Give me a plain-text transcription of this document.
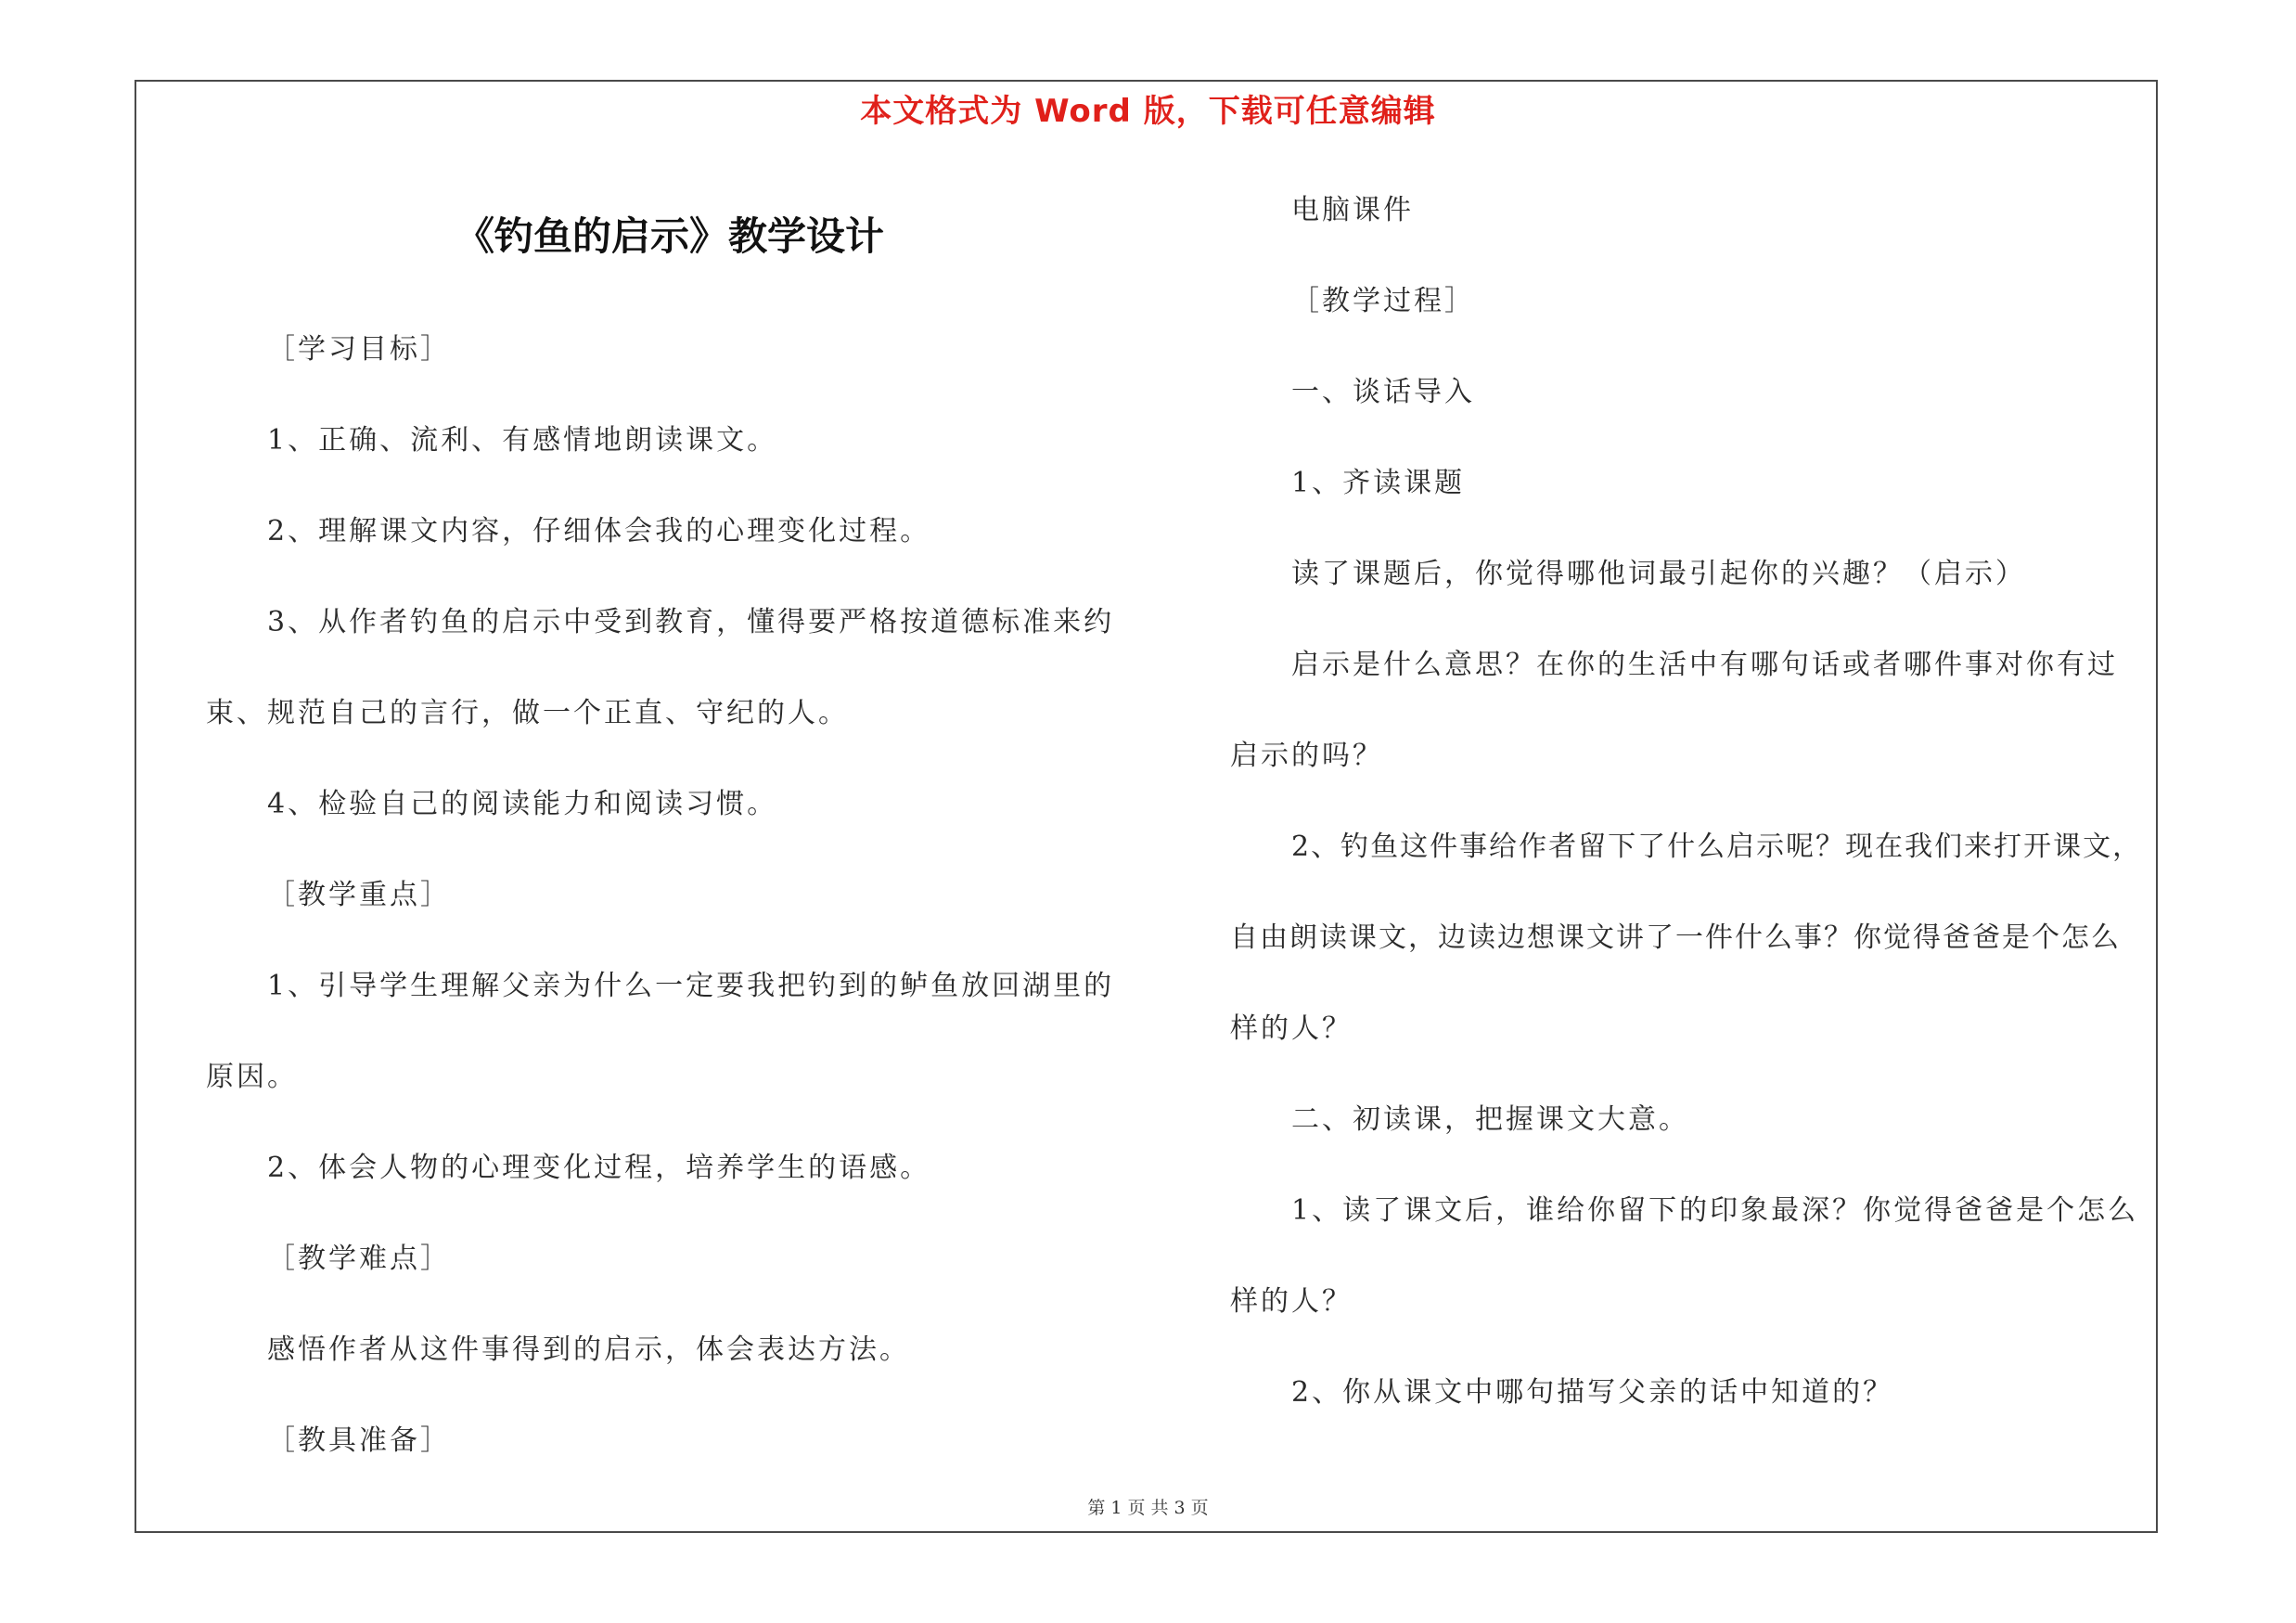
本文格式为 Word 版，下载可任意编辑
《钓鱼的启示》教学设计
［学习目标］
1、正确、流利、有感情地朗读课文。
2、理解课文内容，仔细体会我的心理变化过程。
3、从作者钓鱼的启示中受到教育，懂得要严格按道德标准来约
束、规范自己的言行，做一个正直、守纪的人。
4、检验自己的阅读能力和阅读习惯。
［教学重点］
1、引导学生理解父亲为什么一定要我把钓到的鲈鱼放回湖里的
原因。
2、体会人物的心理变化过程，培养学生的语感。
［教学难点］
感悟作者从这件事得到的启示，体会表达方法。
［教具准备］
电脑课件
［教学过程］
一、谈话导入
1、齐读课题
读了课题后，你觉得哪他词最引起你的兴趣？（启示）
启示是什么意思？在你的生活中有哪句话或者哪件事对你有过
启示的吗？
2、钓鱼这件事给作者留下了什么启示呢？现在我们来打开课文，
自由朗读课文，边读边想课文讲了一件什么事？你觉得爸爸是个怎么
样的人？
二、初读课，把握课文大意。
1、读了课文后，谁给你留下的印象最深？你觉得爸爸是个怎么
样的人？
2、你从课文中哪句描写父亲的话中知道的？
第 1 页 共 3 页
